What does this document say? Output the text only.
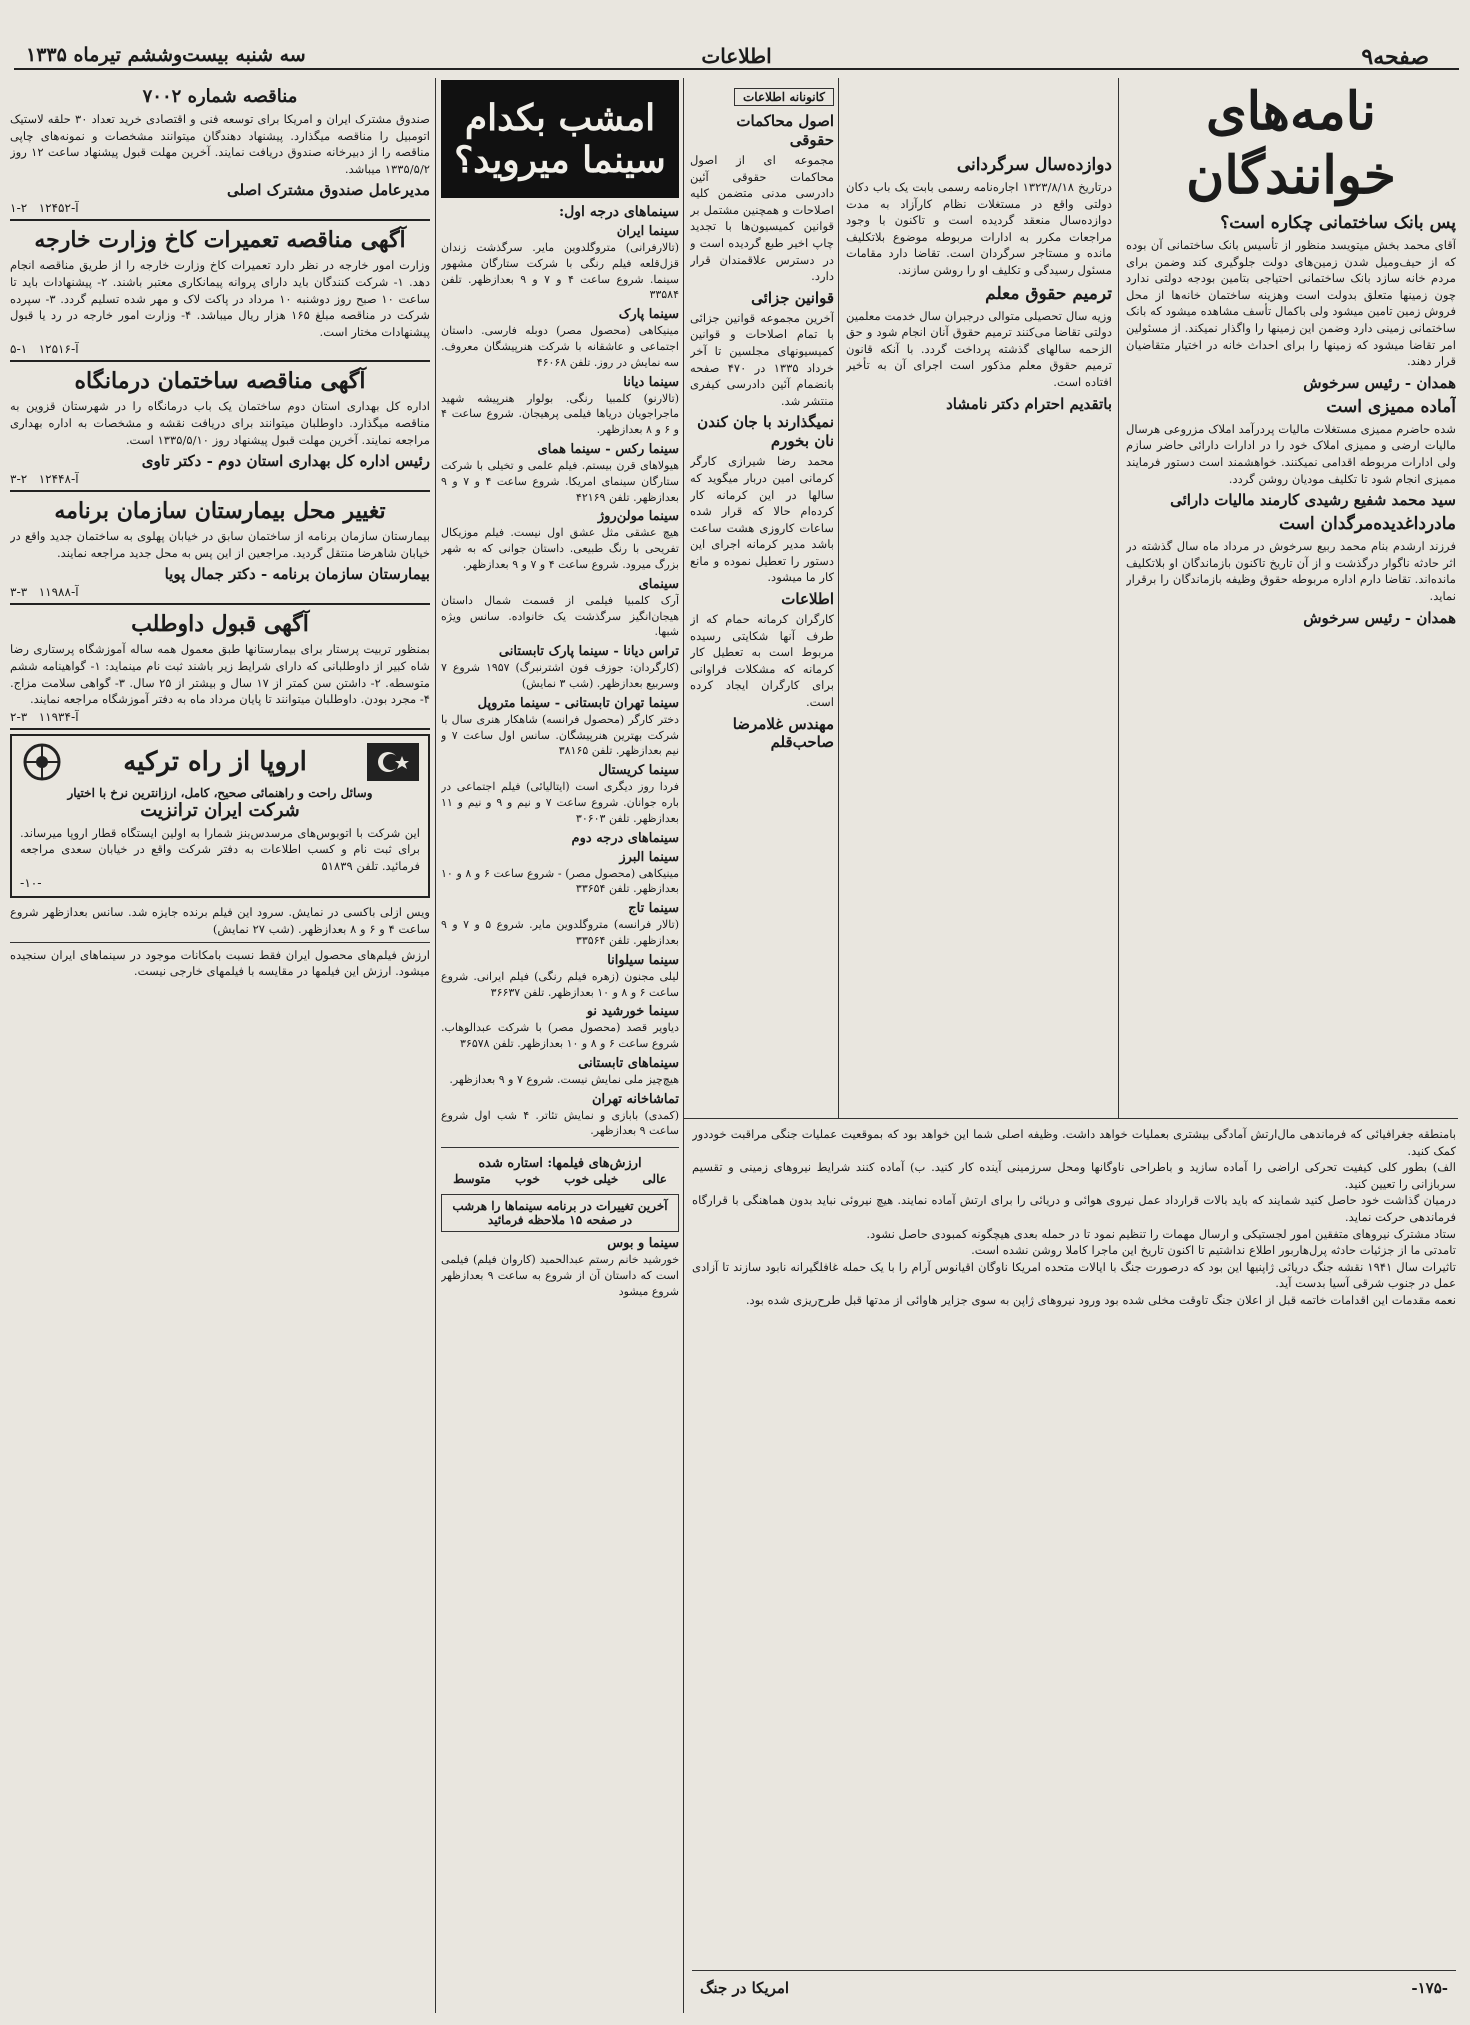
صفحه۹
اطلاعات
سه شنبه بیست‌وششم تیرماه ۱۳۳۵
نامه‌های خوانندگان
پس بانک ساختمانی چکاره است؟

آقای محمد بخش میتویسد منظور از تأسیس بانک ساختمانی آن بوده که از حیف‌ومیل شدن زمین‌های دولت جلوگیری کند وضمن برای مردم خانه سازد بانک ساختمانی احتیاجی بتامین بودجه دولتی ندارد چون زمینها متعلق بدولت است وهزینه ساختمان خانه‌ها از محل فروش زمین تامین میشود ولی باکمال تأسف مشاهده میشود که بانک ساختمانی زمینی دارد وضمن این زمینها را واگذار نمیکند. از مسئولین امر تقاضا میشود که زمینها را برای احداث خانه در اختیار متقاضیان قرار دهند.

همدان - رئیس سرخوش
آماده ممیزی است

شده حاضرم ممیزی مستغلات مالیات پردرآمد املاک مزروعی هرسال مالیات ارضی و ممیزی املاک خود را در ادارات دارائی حاضر سازم ولی ادارات مربوطه اقدامی نمیکنند. خواهشمند است دستور فرمایند ممیزی انجام شود تا تکلیف مودیان روشن گردد.

سید محمد شفیع رشیدی کارمند مالیات دارائی
مادرداغدیده‌مرگدان است

فرزند ارشدم بنام محمد ربیع سرخوش در مرداد ماه سال گذشته در اثر حادثه ناگوار درگذشت و از آن تاریخ تاکنون بازماندگان او بلاتکلیف مانده‌اند. تقاضا دارم اداره مربوطه حقوق وظیفه بازماندگان را برقرار نماید.

همدان - رئیس سرخوش
دوازده‌سال سرگردانی

درتاریخ ۱۳۲۳/۸/۱۸ اجاره‌نامه رسمی بابت یک باب دکان دولتی واقع در مستغلات نظام کارآزاد به مدت دوازده‌سال منعقد گردیده است و تاکنون با وجود مراجعات مکرر به ادارات مربوطه موضوع بلاتکلیف مانده و مستاجر سرگردان است. تقاضا دارد مقامات مسئول رسیدگی و تکلیف او را روشن سازند.

ترمیم حقوق معلم

وزیه سال تحصیلی متوالی درجبران سال خدمت معلمین دولتی تقاضا می‌کنند ترمیم حقوق آنان انجام شود و حق الزحمه سالهای گذشته پرداخت گردد. با آنکه قانون ترمیم حقوق معلم مذکور است اجرای آن به تأخیر افتاده است.

باتقدیم احترام دکتر نامشاد
کانونانه اطلاعات
اصول محاکمات حقوقی

مجموعه ای از اصول محاکمات حقوقی آئین دادرسی مدنی متضمن کلیه اصلاحات و همچنین مشتمل بر قوانین کمیسیون‌ها با تجدید چاپ اخیر طبع گردیده است و در دسترس علاقمندان قرار دارد.

قوانین جزائی

آخرین مجموعه قوانین جزائی با تمام اصلاحات و قوانین کمیسیونهای مجلسین تا آخر خرداد ۱۳۳۵ در ۴۷۰ صفحه بانضمام آئین دادرسی کیفری منتشر شد.

نمیگذارند با جان کندن نان بخورم

محمد رضا شیرازی کارگر کرمانی امین دربار میگوید که سالها در این کرمانه کار کرده‌ام حالا که قرار شده ساعات کاروزی هشت ساعت باشد مدیر کرمانه اجرای این دستور را تعطیل نموده و مانع کار ما میشود.

اطلاعات

کارگران کرمانه حمام که از طرف آنها شکایتی رسیده مربوط است به تعطیل کار کرمانه که مشکلات فراوانی برای کارگران ایجاد کرده است.

مهندس غلامرضا صاحب‌قلم

بامنطقه جغرافیائی که فرماندهی مال‌ارتش آمادگی بیشتری بعملیات خواهد داشت. وظیفه اصلی شما این خواهد بود که بموقعیت عملیات جنگی مراقبت خوددور کمک کنید.

الف) بطور کلی کیفیت تحرکی اراضی را آماده سازید و باطراحی ناوگانها ومحل سرزمینی آینده کار کنید. ب) آماده کنند شرایط نیروهای زمینی و تقسیم سربازانی را تعیین کنید.

درمیان گذاشت خود حاصل کنید شمایند که باید بالات قرارداد عمل نیروی هوائی و دریائی را برای ارتش آماده نمایند. هیچ نیروئی نباید بدون هماهنگی با قرارگاه فرماندهی حرکت نماید.

ستاد مشترک نیروهای متفقین امور لجستیکی و ارسال مهمات را تنظیم نمود تا در حمله بعدی هیچگونه کمبودی حاصل نشود.

تامدتی ما از جزئیات حادثه پرل‌هاربور اطلاع نداشتیم تا اکنون تاریخ این ماجرا کاملا روشن نشده است.

تاثیرات سال ۱۹۴۱ نقشه جنگ دریائی ژاپنیها این بود که درصورت جنگ با ایالات متحده امریکا ناوگان اقیانوس آرام را با یک حمله غافلگیرانه نابود سازند تا آزادی عمل در جنوب شرقی آسیا بدست آید.

نعمه مقدمات این اقدامات خاتمه قبل از اعلان جنگ تاوقت مخلی شده بود ورود نیروهای ژاپن به سوی جزایر هاوائی از مدتها قبل طرح‌ریزی شده بود.

-۱۷۵-
امریکا در جنگ
امشب بکدام سینما میروید؟
سینماهای درجه اول:
سینما ایران

(تالارفرانی) متروگلدوین مایر. سرگذشت زندان قزل‌قلعه فیلم رنگی با شرکت ستارگان مشهور سینما. شروع ساعت ۴ و ۷ و ۹ بعدازظهر. تلفن ۳۳۵۸۴

سینما پارک

مینیکاهی (محصول مصر) دوبله فارسی. داستان اجتماعی و عاشقانه با شرکت هنرپیشگان معروف. سه نمایش در روز. تلفن ۴۶۰۶۸

سینما دیانا

(تالارنو) کلمبیا رنگی. بولوار هنرپیشه شهید ماجراجویان دریاها فیلمی پرهیجان. شروع ساعت ۴ و ۶ و ۸ بعدازظهر.

سینما رکس - سینما همای

هیولاهای قرن بیستم. فیلم علمی و تخیلی با شرکت ستارگان سینمای امریکا. شروع ساعت ۴ و ۷ و ۹ بعدازظهر. تلفن ۴۲۱۶۹

سینما مولن‌روژ

هیچ عشقی مثل عشق اول نیست. فیلم موزیکال تفریحی با رنگ طبیعی. داستان جوانی که به شهر بزرگ میرود. شروع ساعت ۴ و ۷ و ۹ بعدازظهر.

سینمای

آرک کلمبیا فیلمی از قسمت شمال داستان هیجان‌انگیز سرگذشت یک خانواده. سانس ویژه شبها.

تراس دیانا - سینما پارک تابستانی

(کارگردان: جوزف فون اشترنبرگ) ۱۹۵۷ شروع ۷ وسربیع بعدازظهر. (شب ۳ نمایش)

سینما تهران تابستانی - سینما متروپل

دختر کارگر (محصول فرانسه) شاهکار هنری سال با شرکت بهترین هنرپیشگان. سانس اول ساعت ۷ و نیم بعدازظهر. تلفن ۳۸۱۶۵

سینما کریستال

فردا روز دیگری است (ایتالیائی) فیلم اجتماعی در باره جوانان. شروع ساعت ۷ و نیم و ۹ و نیم و ۱۱ بعدازظهر. تلفن ۳۰۶۰۳

سینماهای درجه دوم
سینما البرز

مینیکاهی (محصول مصر) - شروع ساعت ۶ و ۸ و ۱۰ بعدازظهر. تلفن ۳۳۶۵۴

سینما تاج

(تالار فرانسه) متروگلدوین مایر. شروع ۵ و ۷ و ۹ بعدازظهر. تلفن ۳۳۵۶۴

سینما سیلوانا

لیلی مجنون (زهره فیلم رنگی) فیلم ایرانی. شروع ساعت ۶ و ۸ و ۱۰ بعدازظهر. تلفن ۳۶۶۳۷

سینما خورشید نو

دیاویر قصد (محصول مصر) با شرکت عبدالوهاب. شروع ساعت ۶ و ۸ و ۱۰ بعدازظهر. تلفن ۳۶۵۷۸

سینماهای تابستانی

هیچ‌چیز ملی نمایش نیست. شروع ۷ و ۹ بعدازظهر.

تماشاخانه تهران

(کمدی) بابازی و نمایش تئاتر. ۴ شب اول شروع ساعت ۹ بعدازظهر.

ارزش‌های فیلمها: استاره شده
عالی
خیلی خوب
خوب
متوسط
آخرین تغییرات در برنامه سینماها را هرشب در صفحه ۱۵ ملاحظه فرمائید
سینما و بوس

خورشید خانم رستم عبدالحمید (کاروان فیلم) فیلمی است که داستان آن از شروع به ساعت ۹ بعدازظهر شروع میشود

مناقصه شماره ۷۰۰۲

صندوق مشترک ایران و امریکا برای توسعه فنی و اقتصادی خرید تعداد ۳۰ حلقه لاستیک اتومبیل را مناقصه میگذارد. پیشنهاد دهندگان میتوانند مشخصات و نمونه‌های چاپی مناقصه را از دبیرخانه صندوق دریافت نمایند. آخرین مهلت قبول پیشنهاد ساعت ۱۲ روز ۱۳۳۵/۵/۲ میباشد.

مدیرعامل صندوق مشترک اصلی
آ-۱۲۴۵۲   ۲-۱
آگهی مناقصه تعمیرات کاخ وزارت خارجه

وزارت امور خارجه در نظر دارد تعمیرات کاخ وزارت خارجه را از طریق مناقصه انجام دهد. ۱- شرکت کنندگان باید دارای پروانه پیمانکاری معتبر باشند. ۲- پیشنهادات باید تا ساعت ۱۰ صبح روز دوشنبه ۱۰ مرداد در پاکت لاک و مهر شده تسلیم گردد. ۳- سپرده شرکت در مناقصه مبلغ ۱۶۵ هزار ریال میباشد. ۴- وزارت امور خارجه در رد یا قبول پیشنهادات مختار است.

آ-۱۲۵۱۶   ۱-۵
آگهی مناقصه ساختمان درمانگاه

اداره کل بهداری استان دوم ساختمان یک باب درمانگاه را در شهرستان قزوین به مناقصه میگذارد. داوطلبان میتوانند برای دریافت نقشه و مشخصات به اداره بهداری مراجعه نمایند. آخرین مهلت قبول پیشنهاد روز ۱۳۳۵/۵/۱۰ است.

رئیس اداره کل بهداری استان دوم - دکتر تاوی
آ-۱۲۴۴۸   ۲-۳
تغییر محل بیمارستان سازمان برنامه

بیمارستان سازمان برنامه از ساختمان سابق در خیابان پهلوی به ساختمان جدید واقع در خیابان شاهرضا منتقل گردید. مراجعین از این پس به محل جدید مراجعه نمایند.

بیمارستان سازمان برنامه - دکتر جمال پویا
آ-۱۱۹۸۸   ۳-۳
آگهی قبول داوطلب

بمنظور تربیت پرستار برای بیمارستانها طبق معمول همه ساله آموزشگاه پرستاری رضا شاه کبیر از داوطلبانی که دارای شرایط زیر باشند ثبت نام مینماید: ۱- گواهینامه ششم متوسطه. ۲- داشتن سن کمتر از ۱۷ سال و بیشتر از ۲۵ سال. ۳- گواهی سلامت مزاج. ۴- مجرد بودن. داوطلبان میتوانند تا پایان مرداد ماه به دفتر آموزشگاه مراجعه نمایند.

آ-۱۱۹۳۴   ۳-۲
اروپا از راه ترکیه
وسائل راحت و راهنمائی صحیح، کامل، ارزانترین نرخ با اختیار
شرکت ایران ترانزیت

این شرکت با اتوبوس‌های مرسدس‌بنز شمارا به اولین ایستگاه قطار اروپا میرساند. برای ثبت نام و کسب اطلاعات به دفتر شرکت واقع در خیابان سعدی مراجعه فرمائید. تلفن ۵۱۸۳۹

-۱۰-

ویس ازلی باکسی در نمایش. سرود این فیلم برنده جایزه شد. سانس بعدازظهر شروع ساعت ۴ و ۶ و ۸ بعدازظهر. (شب ۲۷ نمایش)

ارزش فیلم‌های محصول ایران فقط نسبت بامکانات موجود در سینماهای ایران سنجیده میشود. ارزش این فیلمها در مقایسه با فیلمهای خارجی نیست.
